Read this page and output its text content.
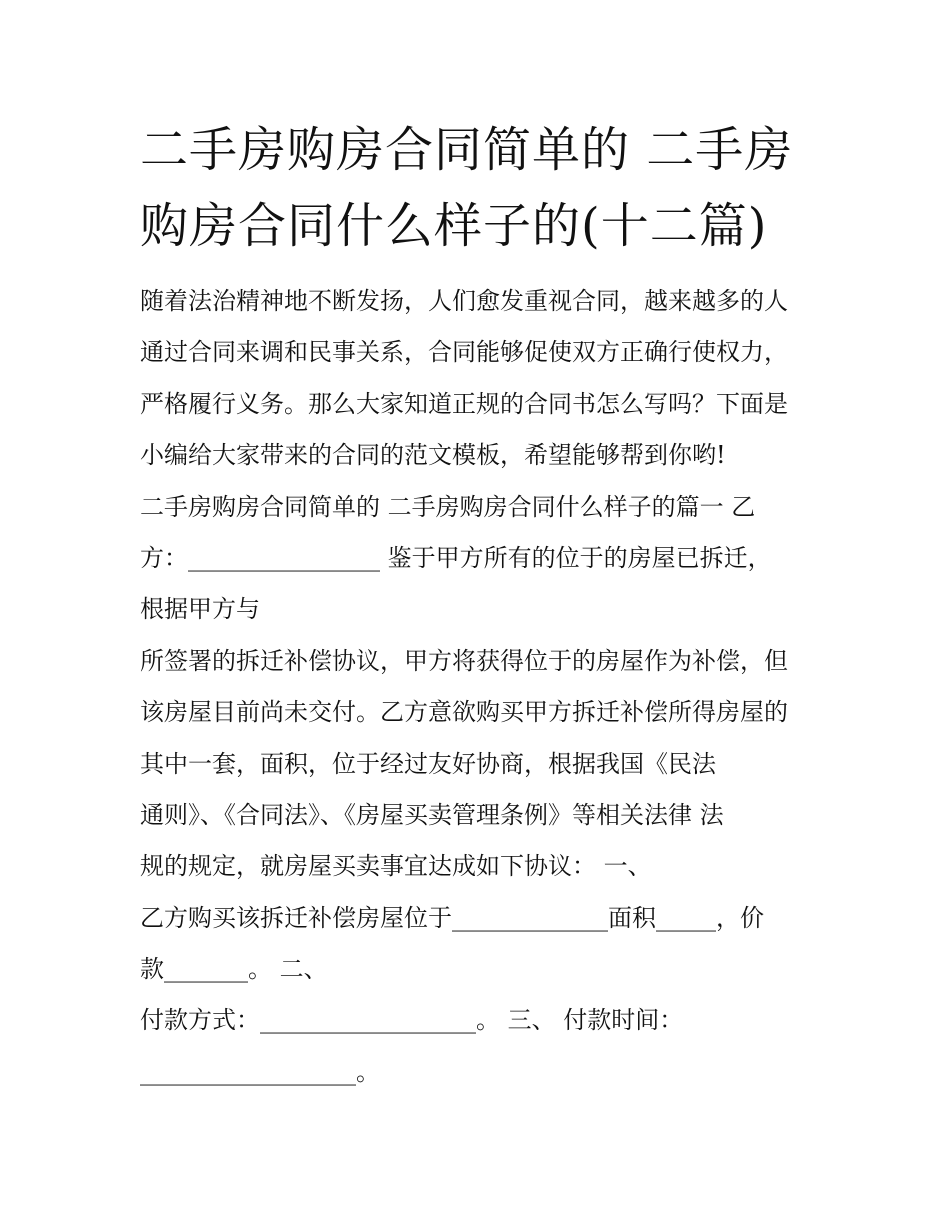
二手房购房合同简单的 二手房
购房合同什么样子的(十二篇)
随着法治精神地不断发扬，人们愈发重视合同，越来越多的人
通过合同来调和民事关系，合同能够促使双方正确行使权力，
严格履行义务。那么大家知道正规的合同书怎么写吗？下面是
小编给大家带来的合同的范文模板，希望能够帮到你哟!
二手房购房合同简单的 二手房购房合同什么样子的篇一 乙
方：________________ 鉴于甲方所有的位于的房屋已拆迁，
根据甲方与
所签署的拆迁补偿协议，甲方将获得位于的房屋作为补偿，但
该房屋目前尚未交付。乙方意欲购买甲方拆迁补偿所得房屋的
其中一套，面积，位于经过友好协商，根据我国《民法
通则》、《合同法》、《房屋买卖管理条例》等相关法律 法
规的规定，就房屋买卖事宜达成如下协议： 一、
乙方购买该拆迁补偿房屋位于_____________面积_____，价
款_______。 二、
付款方式：__________________。 三、 付款时间：
__________________。
